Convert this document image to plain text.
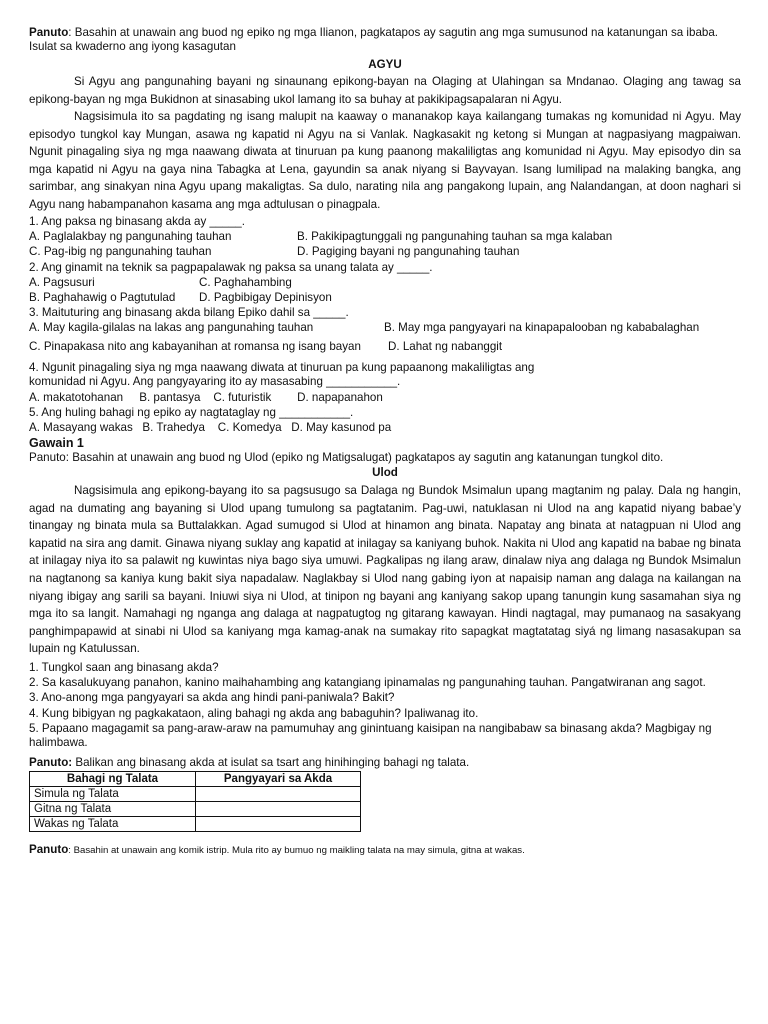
Panuto: Basahin at unawain ang buod ng epiko ng mga Ilianon, pagkatapos ay sagutin ang mga sumusunod na katanungan sa ibaba. Isulat sa kwaderno ang iyong kasagutan
AGYU
Si Agyu ang pangunahing bayani ng sinaunang epikong-bayan na Olaging at Ulahingan sa Mndanao. Olaging ang tawag sa epikong-bayan ng mga Bukidnon at sinasabing ukol lamang ito sa buhay at pakikipagsapalaran ni Agyu.
Nagsisimula ito sa pagdating ng isang malupit na kaaway o mananakop kaya kailangang tumakas ng komunidad ni Agyu. May episodyo tungkol kay Mungan, asawa ng kapatid ni Agyu na si Vanlak. Nagkasakit ng ketong si Mungan at nagpasiyang magpaiwan. Ngunit pinagaling siya ng mga naawang diwata at tinuruan pa kung paanong makaliligtas ang komunidad ni Agyu. May episodyo din sa mga kapatid ni Agyu na gaya nina Tabagka at Lena, gayundin sa anak niyang si Bayvayan. Isang lumilipad na malaking bangka, ang sarimbar, ang sinakyan nina Agyu upang makaligtas. Sa dulo, narating nila ang pangakong lupain, ang Nalandangan, at doon naghari si Agyu nang habampanahon kasama ang mga adtulusan o pinagpala.
1. Ang paksa ng binasang akda ay _____.
A. Paglalakbay ng pangunahing tauhan	B. Pakikipagtunggali ng pangunahing tauhan sa mga kalaban
C. Pag-ibig ng pangunahing tauhan	D. Pagiging bayani ng pangunahing tauhan
2. Ang ginamit na teknik sa pagpapalawak ng paksa sa unang talata ay _____.
A. Pagsusuri	C. Paghahambing
B. Paghahawig o Pagtutulad D. Pagbibigay Depinisyon
3. Maituturing ang binasang akda bilang Epiko dahil sa _____.
A. May kagila-gilalas na lakas ang pangunahing tauhan	B. May mga pangyayari na kinapapalooban ng kababalaghan
C. Pinapakasa nito ang kabayanihan at romansa ng isang bayan D. Lahat ng nabanggit
4. Ngunit pinagaling siya ng mga naawang diwata at tinuruan pa kung papaanong makaliligtas ang komunidad ni Agyu. Ang pangyayaring ito ay masasabing ___________.
A. makatotohanan     B. pantasya    C. futuristik        D. napapanahon
5. Ang huling bahagi ng epiko ay nagtataglay ng ___________.
A. Masayang wakas   B. Trahedya    C. Komedya   D. May kasunod pa
Gawain 1
Panuto: Basahin at unawain ang buod ng Ulod (epiko ng Matigsalugat) pagkatapos ay sagutin ang katanungan tungkol dito.
Ulod
Nagsisimula ang epikong-bayang ito sa pagsusugo sa Dalaga ng Bundok Msimalun upang magtanim ng palay. Dala ng hangin, agad na dumating ang bayaning si Ulod upang tumulong sa pagtatanim. Pag-uwi, natuklasan ni Ulod na ang kapatid niyang babae’y tinangay ng binata mula sa Buttalakkan. Agad sumugod si Ulod at hinamon ang binata. Napatay ang binata at natagpuan ni Ulod ang kapatid na sira ang damit. Ginawa niyang suklay ang kapatid at inilagay sa kaniyang buhok. Nakita ni Ulod ang kapatid na babae ng binata at inilagay niya ito sa palawit ng kuwintas niya bago siya umuwi. Pagkalipas ng ilang araw, dinalaw niya ang dalaga ng Bundok Msimalun na nagtanong sa kaniya kung bakit siya napadalaw. Naglakbay si Ulod nang gabing iyon at napaisip naman ang dalaga na kailangan na niyang ibigay ang sarili sa bayani. Iniuwi siya ni Ulod, at tinipon ng bayani ang kaniyang sakop upang tanungin kung sasamahan siya ng mga ito sa langit. Namahagi ng nganga ang dalaga at nagpatugtog ng gitarang kawayan. Hindi nagtagal, may pumanaog na sasakyang panghimpapawid at sinabi ni Ulod sa kaniyang mga kamag-anak na sumakay rito sapagkat magtatatag siyá ng limang nasasakupan sa lupain ng Katulussan.
1. Tungkol saan ang binasang akda?
2. Sa kasalukuyang panahon, kanino maihahambing ang katangiang ipinamalas ng pangunahing tauhan. Pangatwiranan ang sagot.
3. Ano-anong mga pangyayari sa akda ang hindi pani-paniwala? Bakit?
4. Kung bibigyan ng pagkakataon, aling bahagi ng akda ang babaguhin? Ipaliwanag ito.
5. Papaano magagamit sa pang-araw-araw na pamumuhay ang ginintuang kaisipan na nangibabaw sa binasang akda? Magbigay ng halimbawa.
Panuto: Balikan ang binasang akda at isulat sa tsart ang hinihinging bahagi ng talata.
Bahagi ng Talata	Pangyayari sa Akda
Simula ng Talata	
Gitna ng Talata	
Wakas ng Talata	
Panuto: Basahin at unawain ang komik istrip. Mula rito ay bumuo ng maikling talata na may simula, gitna at wakas.
